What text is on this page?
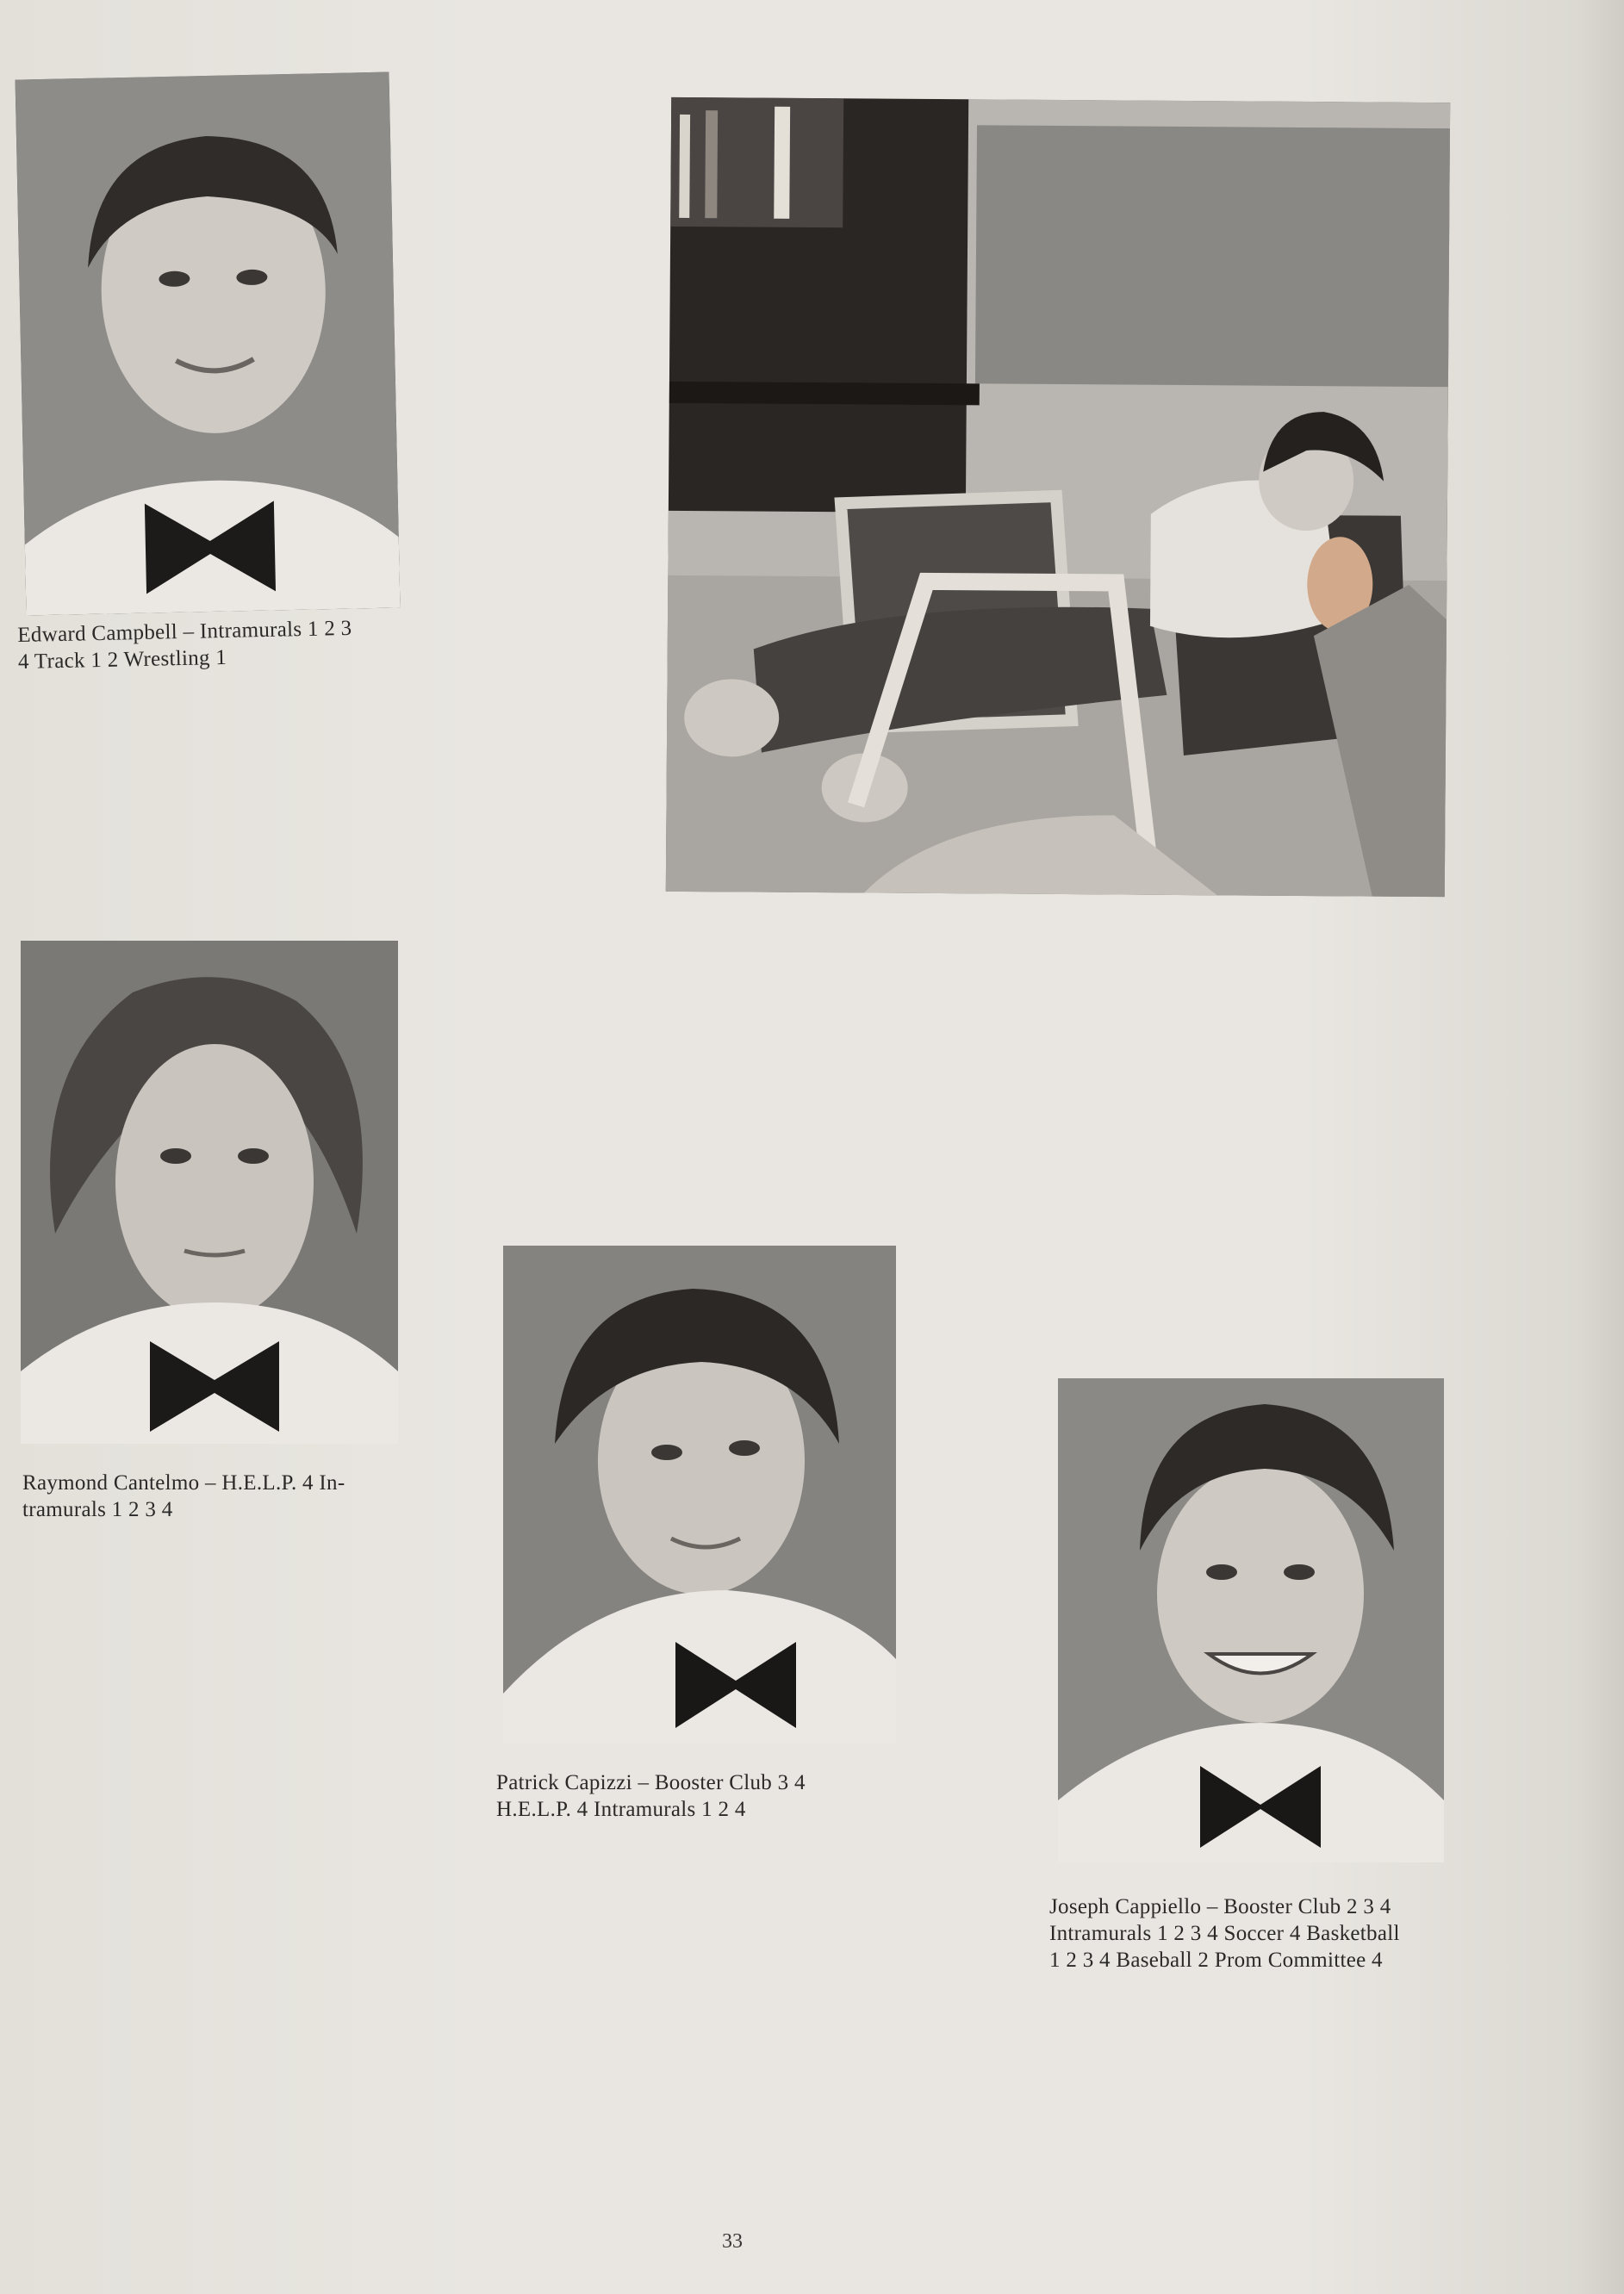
Edward Campbell – Intramurals 1 2 3
4 Track 1 2 Wrestling 1
Raymond Cantelmo – H.E.L.P. 4 In-
tramurals 1 2 3 4
Patrick Capizzi – Booster Club 3 4
H.E.L.P. 4 Intramurals 1 2 4
Joseph Cappiello – Booster Club 2 3 4
Intramurals 1 2 3 4 Soccer 4 Basketball
1 2 3 4 Baseball 2 Prom Committee 4
33
